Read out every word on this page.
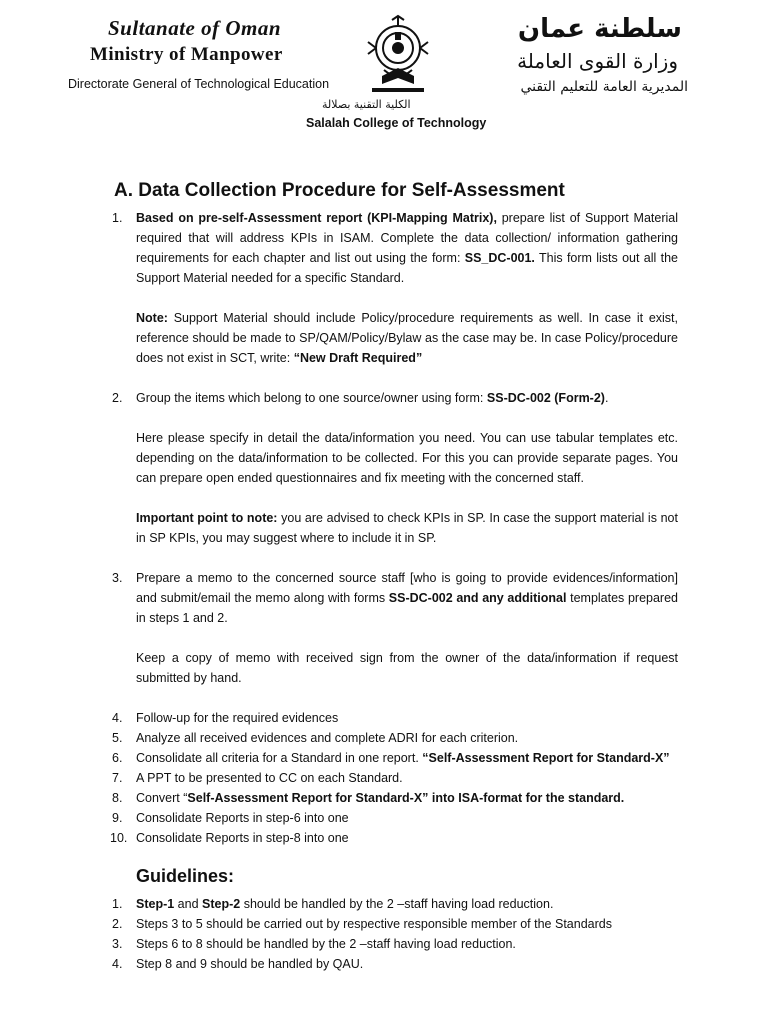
Sultanate of Oman
Ministry of Manpower
Directorate General of Technological Education
سلطنة عمان
وزارة القوى العاملة
المديرية العامة للتعليم التقني
الكلية التقنية بصلالة
Salalah College of Technology
A. Data Collection Procedure for Self-Assessment
1. Based on pre-self-Assessment report (KPI-Mapping Matrix), prepare list of Support Material required that will address KPIs in ISAM. Complete the data collection/ information gathering requirements for each chapter and list out using the form: SS_DC-001. This form lists out all the Support Material needed for a specific Standard.
Note: Support Material should include Policy/procedure requirements as well. In case it exist, reference should be made to SP/QAM/Policy/Bylaw as the case may be. In case Policy/procedure does not exist in SCT, write: “New Draft Required”
2. Group the items which belong to one source/owner using form: SS-DC-002 (Form-2).
Here please specify in detail the data/information you need. You can use tabular templates etc. depending on the data/information to be collected. For this you can provide separate pages. You can prepare open ended questionnaires and fix meeting with the concerned staff.
Important point to note: you are advised to check KPIs in SP. In case the support material is not in SP KPIs, you may suggest where to include it in SP.
3. Prepare a memo to the concerned source staff [who is going to provide evidences/information] and submit/email the memo along with forms SS-DC-002 and any additional templates prepared in steps 1 and 2.
Keep a copy of memo with received sign from the owner of the data/information if request submitted by hand.
4. Follow-up for the required evidences
5. Analyze all received evidences and complete ADRI for each criterion.
6. Consolidate all criteria for a Standard in one report. “Self-Assessment Report for Standard-X”
7. A PPT to be presented to CC on each Standard.
8. Convert “Self-Assessment Report for Standard-X” into ISA-format for the standard.
9. Consolidate Reports in step-6 into one
10. Consolidate Reports in step-8 into one
Guidelines:
1. Step-1 and Step-2 should be handled by the 2 –staff having load reduction.
2. Steps 3 to 5 should be carried out by respective responsible member of the Standards
3. Steps 6 to 8 should be handled by the 2 –staff having load reduction.
4. Step 8 and 9 should be handled by QAU.
